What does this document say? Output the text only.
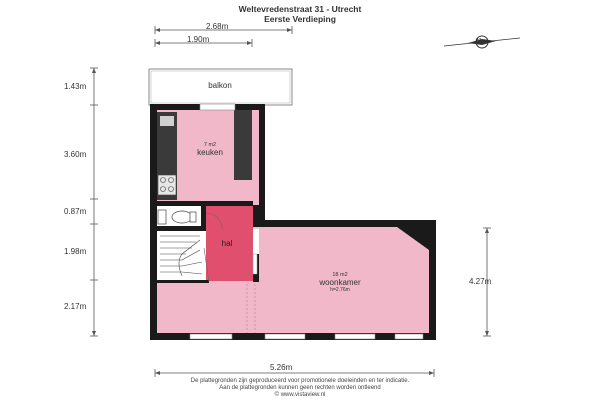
Weltevredenstraat 31 - Utrecht
Eerste Verdieping
N
2.68m
1.90m
1.43m
3.60m
0.87m
1.98m
2.17m
4.27m
5.26m
balkon
7 m2
keuken
hal
18 m2
woonkamer
h=2.76m
De plattegronden zijn geproduceerd voor promotionele doeleinden en ter indicatie.
Aan de plattegronden kunnen geen rechten worden ontleend
© www.vistaview.nl
